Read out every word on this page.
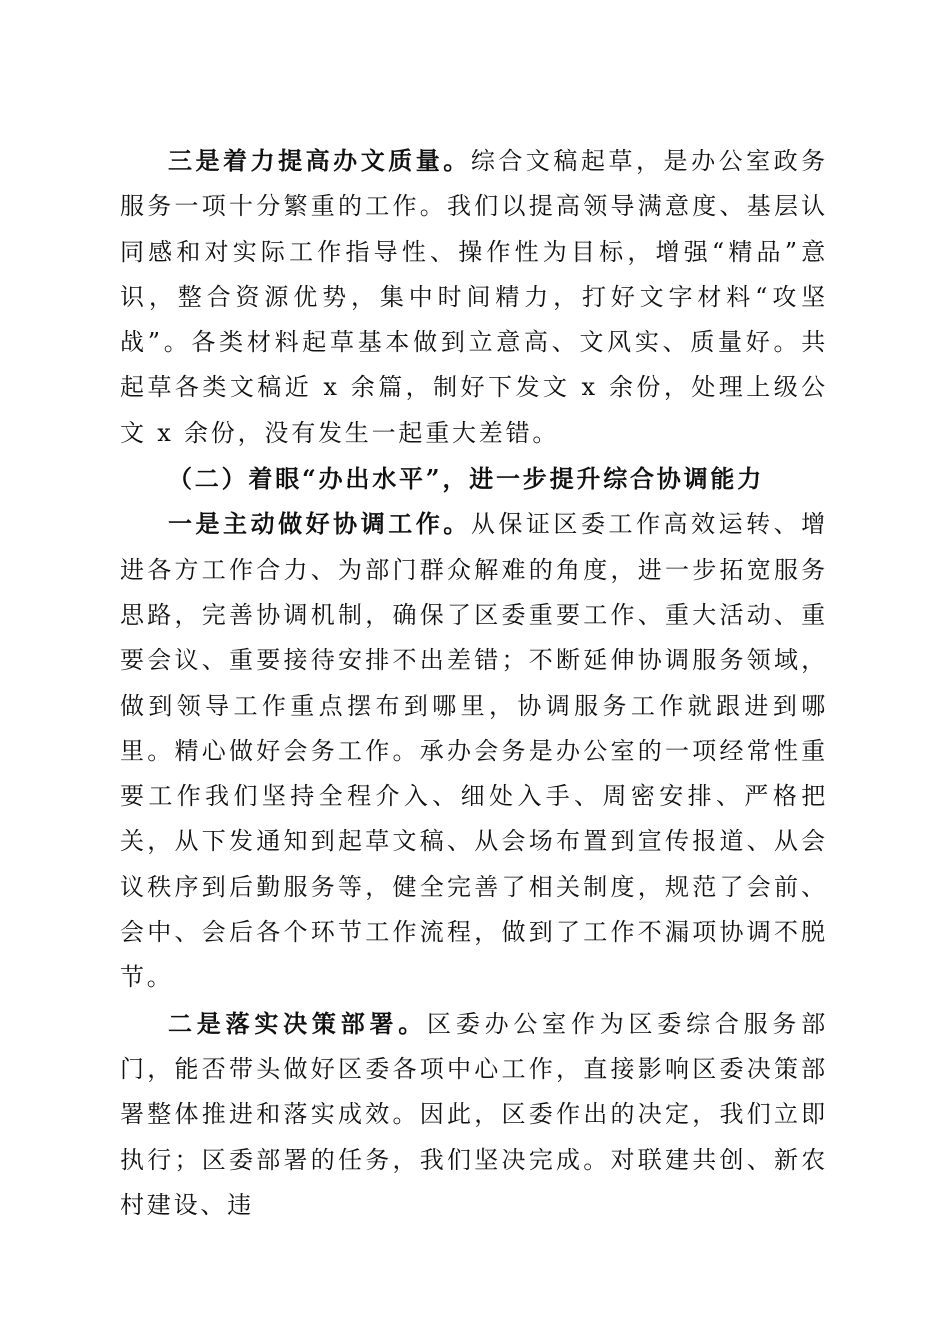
三是着力提高办文质量。综合文稿起草，是办公室政务服务一项十分繁重的工作。我们以提高领导满意度、基层认同感和对实际工作指导性、操作性为目标，增强“精品”意识，整合资源优势，集中时间精力，打好文字材料“攻坚战”。各类材料起草基本做到立意高、文风实、质量好。共起草各类文稿近 x 余篇，制好下发文 x 余份，处理上级公文 x 余份，没有发生一起重大差错。

（二）着眼“办出水平”，进一步提升综合协调能力

一是主动做好协调工作。从保证区委工作高效运转、增进各方工作合力、为部门群众解难的角度，进一步拓宽服务思路，完善协调机制，确保了区委重要工作、重大活动、重要会议、重要接待安排不出差错；不断延伸协调服务领域，做到领导工作重点摆布到哪里，协调服务工作就跟进到哪里。精心做好会务工作。承办会务是办公室的一项经常性重要工作我们坚持全程介入、细处入手、周密安排、严格把关，从下发通知到起草文稿、从会场布置到宣传报道、从会议秩序到后勤服务等，健全完善了相关制度，规范了会前、会中、会后各个环节工作流程，做到了工作不漏项协调不脱节。

二是落实决策部署。区委办公室作为区委综合服务部门，能否带头做好区委各项中心工作，直接影响区委决策部署整体推进和落实成效。因此，区委作出的决定，我们立即执行；区委部署的任务，我们坚决完成。对联建共创、新农村建设、违
